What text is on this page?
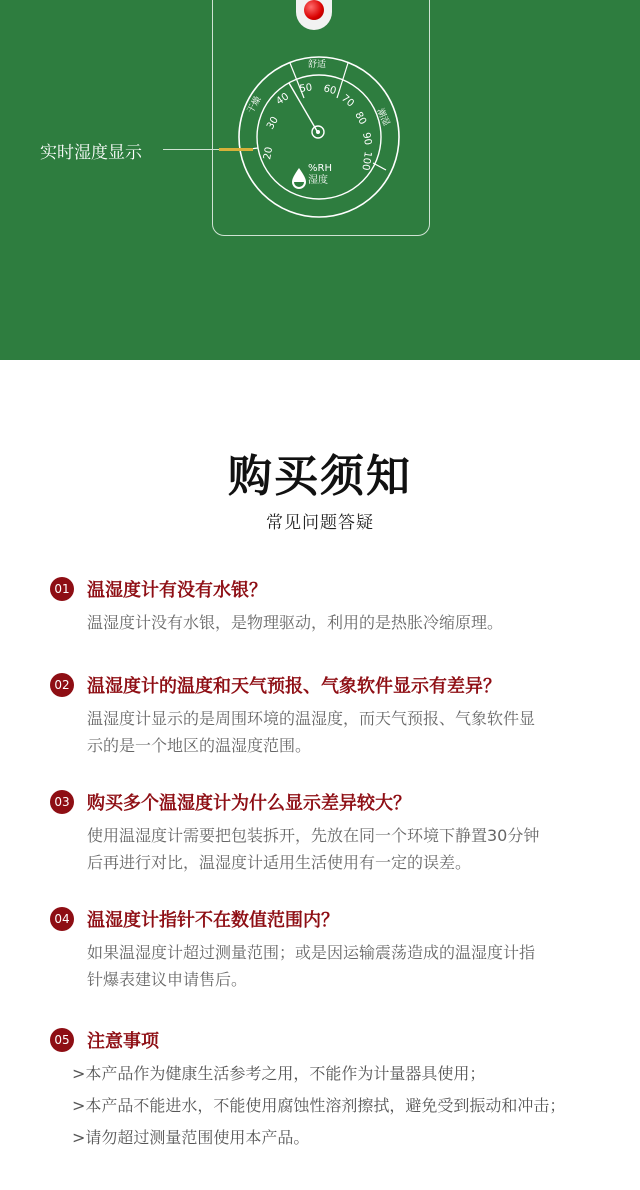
干燥
舒适
潮湿
20
30
40
50 60
70
80
90
100
%RH
湿度
实时湿度显示
购买须知
常见问题答疑
01 温湿度计有没有水银？
温湿度计没有水银，是物理驱动，利用的是热胀冷缩原理。
02 温湿度计的温度和天气预报、气象软件显示有差异？
温湿度计显示的是周围环境的温湿度，而天气预报、气象软件显
示的是一个地区的温湿度范围。
03 购买多个温湿度计为什么显示差异较大？
使用温湿度计需要把包装拆开，先放在同一个环境下静置30分钟
后再进行对比，温湿度计适用生活使用有一定的误差。
04 温湿度计指针不在数值范围内？
如果温湿度计超过测量范围；或是因运输震荡造成的温湿度计指
针爆表建议申请售后。
05 注意事项
>本产品作为健康生活参考之用，不能作为计量器具使用；
>本产品不能进水，不能使用腐蚀性溶剂擦拭，避免受到振动和冲击；
>请勿超过测量范围使用本产品。
